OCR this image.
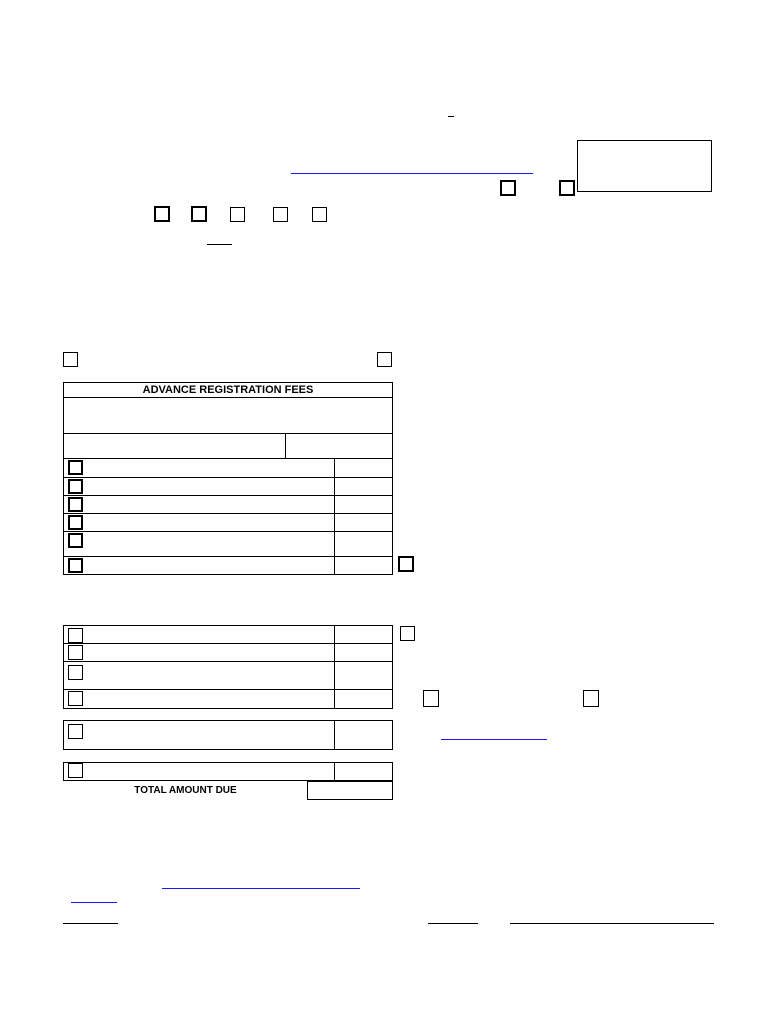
ADVANCE REGISTRATION FEES
TOTAL AMOUNT DUE
